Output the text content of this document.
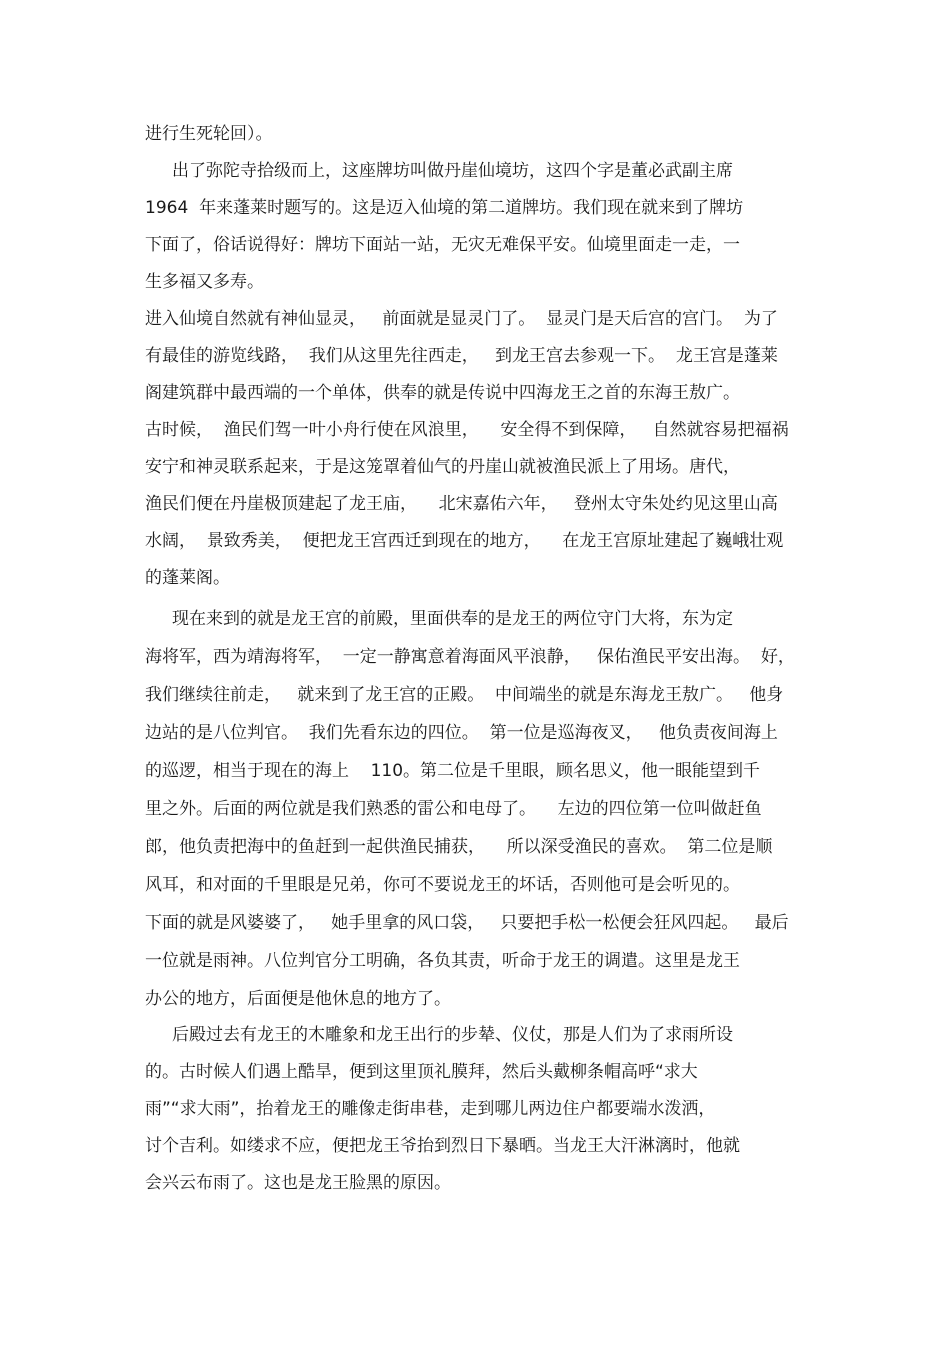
进行生死轮回）。
出了弥陀寺拾级而上，这座牌坊叫做丹崖仙境坊，这四个字是董必武副主席
1964  年来蓬莱时题写的。这是迈入仙境的第二道牌坊。我们现在就来到了牌坊
下面了，俗话说得好：牌坊下面站一站，无灾无难保平安。仙境里面走一走，一
生多福又多寿。
进入仙境自然就有神仙显灵，   前面就是显灵门了。  显灵门是天后宫的宫门。  为了
有最佳的游览线路，  我们从这里先往西走，   到龙王宫去参观一下。  龙王宫是蓬莱
阁建筑群中最西端的一个单体，供奉的就是传说中四海龙王之首的东海王敖广。
古时候，  渔民们驾一叶小舟行使在风浪里，    安全得不到保障，   自然就容易把福祸
安宁和神灵联系起来，于是这笼罩着仙气的丹崖山就被渔民派上了用场。唐代，
渔民们便在丹崖极顶建起了龙王庙，    北宋嘉佑六年，   登州太守朱处约见这里山高
水阔，  景致秀美，  便把龙王宫西迁到现在的地方，    在龙王宫原址建起了巍峨壮观
的蓬莱阁。
现在来到的就是龙王宫的前殿，里面供奉的是龙王的两位守门大将，东为定
海将军，西为靖海将军，  一定一静寓意着海面风平浪静，   保佑渔民平安出海。  好，
我们继续往前走，   就来到了龙王宫的正殿。  中间端坐的就是东海龙王敖广。   他身
边站的是八位判官。  我们先看东边的四位。  第一位是巡海夜叉，   他负责夜间海上
的巡逻，相当于现在的海上    110。第二位是千里眼，顾名思义，他一眼能望到千
里之外。后面的两位就是我们熟悉的雷公和电母了。    左边的四位第一位叫做赶鱼
郎，他负责把海中的鱼赶到一起供渔民捕获，    所以深受渔民的喜欢。  第二位是顺
风耳，和对面的千里眼是兄弟，你可不要说龙王的坏话，否则他可是会听见的。
下面的就是风婆婆了，   她手里拿的风口袋，   只要把手松一松便会狂风四起。   最后
一位就是雨神。八位判官分工明确，各负其责，听命于龙王的调遣。这里是龙王
办公的地方，后面便是他休息的地方了。
后殿过去有龙王的木雕象和龙王出行的步辇、仪仗，那是人们为了求雨所设
的。古时候人们遇上酷旱，便到这里顶礼膜拜，然后头戴柳条帽高呼“求大
雨”“求大雨”，抬着龙王的雕像走街串巷，走到哪儿两边住户都要端水泼洒，
讨个吉利。如缕求不应，便把龙王爷抬到烈日下暴晒。当龙王大汗淋漓时，他就
会兴云布雨了。这也是龙王脸黑的原因。
